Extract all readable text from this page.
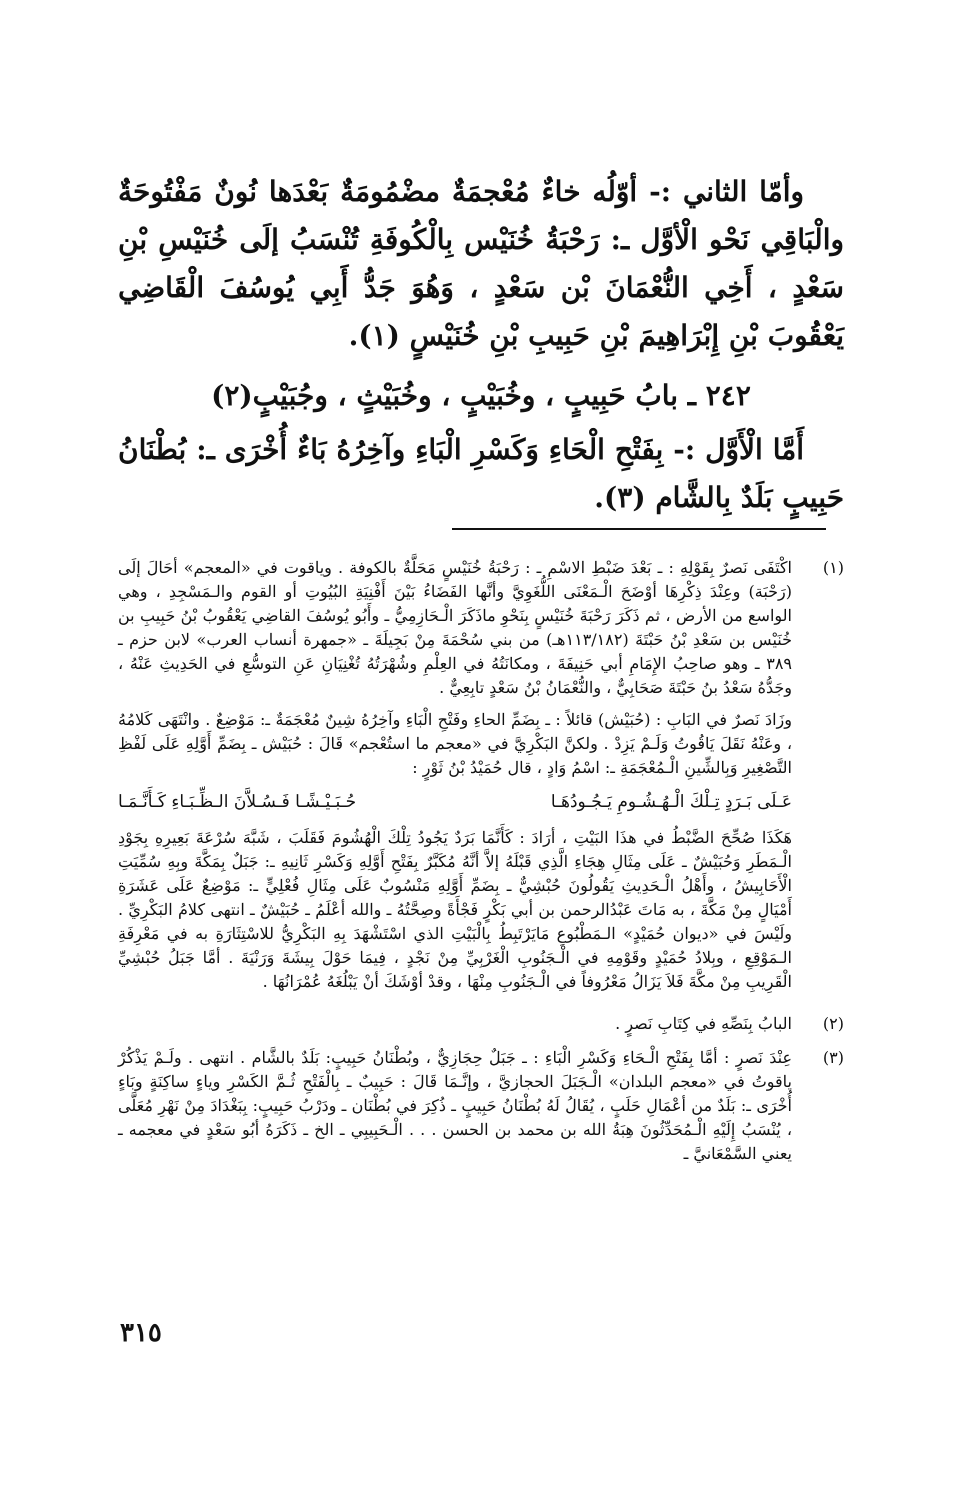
وأمّا الثاني :- أوّلُه خاءٌ مُعْجمَةٌ مضْمُومَةٌ بَعْدَها نُونٌ مَفْتُوحَةٌ والْبَاقِي نَحْو الْأوَّل ـ: رَحْبَةُ خُنَيْس بِالْكُوفَةِ تُنْسَبُ إلَى خُنَيْسِ بْنِ سَعْدٍ ، أَخِي النُّعْمَانَ بْن سَعْدٍ ، وَهُوَ جَدُّ أَبِي يُوسُفَ الْقَاضِي يَعْقُوبَ بْنِ إِبْرَاهِيمَ بْنِ حَبِيبِ بْنِ خُنَيْسٍ (١).

٢٤٢ ـ بابُ حَبِيبٍ ، وخُبَيْبٍ ، وخُبَيْثٍ ، وجُبَيْبٍ(٢)

أَمَّا الْأَوَّل :- بِفَتْحِ الْحَاءِ وَكَسْرِ الْبَاءِ وآخِرُهُ بَاءٌ أُخْرَى ـ: بُطْنَانُ حَبِيبٍ بَلَدٌ بِالشَّام (٣).

(١)

اكْتَفَى نَصرٌ بِقَوْلِهِ : ـ بَعْدَ ضَبْطِ الاسْمِ ـ : رَحْبَةُ خُنَيْسٍ مَحَلَّةٌ بالكوفة . وياقوت في «المعجم» أحَالَ إلَى (رَحْبَة) وعِنْدَ ذِكْرِهَا أوْضَحَ الْـمَعْنَى اللُّغَوِيَّ وأنَّها الفَضَاءُ بَيْنَ أَفْنِيَةِ البُيُوتِ أو القوم والـمَسْجِدِ ، وهي الواسع من الأرض ، ثم ذَكَرَ رَحْبَةَ خُنَيْسٍ بِنَحْوِ ماذَكَرَ الْـحَازِمِيُّ ـ وأَبُو يُوسُفَ القاضِي يَعْقُوبُ بْنُ حَبِيبِ بن خُنَيْس بن سَعْدِ بْنُ حَبْتَةَ (١١٣/١٨٢هـ) من بني سُحْمَةَ مِنْ بَجِيلَةَ ـ «جمهرة أنساب العرب» لابن حزم ـ ٣٨٩ ـ وهو صاحِبُ الإِمَامِ أبي حَنِيفَةَ ، ومكانَتُهُ في العِلْمِ وشُهْرَتُهُ تُغْنِيَانِ عَنِ التوسُّعِ في الحَدِيثِ عَنْهُ ، وجَدُّهُ سَعْدُ بنُ حَبْتَةَ صَحَابِيٌّ ، والنُّعْمَانُ بْنُ سَعْدٍ تابِعِيٌّ .

وزَادَ نَصرٌ في البَابِ : (حُبَيْش) قائلاً : ـ بِضَمِّ الحاءِ وفَتْحِ الْبَاءِ وآخِرُهُ شِينٌ مُعْجَمَةٌ ـ: مَوْضِعٌ . وانْتَهَى كَلامُهُ ، وعَنْهُ نَقَلَ يَاقُوتُ وَلَـمْ يَزِدْ . ولكنَّ البَكْرِيَّ في «معجم ما استُعْجم» قَالَ : حُبَيْش ـ بِضَمِّ أَوَّلِهِ عَلَى لَفْظِ التَّصْغِيرِ وَبِالشِّينِ الْـمُعْجَمَةِ ـ: اسْمُ وَادٍ ، قال حُمَيْدُ بْنُ ثَوْرٍ :

حُـبَـيْـشًـا فَـسُـلاَّنَ الـظِّـبَـاءِ كَـأَنَّـمَـا	عَـلَى بَـرَدٍ تِـلْكَ الْـهُـشُـومِ يَـجُـودُهَـا

هَكَذَا صُحِّحَ الضَّبْطُ في هذَا البَيْتِ ، أرَادَ : كَأَنَّمَا بَرَدٌ يَجُودُ تِلْكَ الْهُشُومَ فَقَلَبَ ، شَبَّهَ سُرْعَةَ بَعِيرِهِ بِجَوْدِ الْـمَطَرِ وَحُبَيْشٌ ـ عَلَى مِثَالِ هِجَاءِ الَّذِي قَبْلَهُ إلاَّ أنَّهُ مُكَبَّرٌ بِفَتْحِ أَوَّلِهِ وَكَسْرِ ثَانِيهِ ـ: جَبَلٌ بِمَكَّةَ وبِهِ سُمِّيَتِ الْأَحَابِيشُ ، وأَهْلُ الْـحَدِيثِ يَقُولُونَ حُبْشِيٌّ ـ بِضَمِّ أَوَّلِهِ مَنْسُوبٌ عَلَى مِثَالِ فُعْلِيٍّ ـ: مَوْضِعٌ عَلَى عَشَرَةِ أَمْيَالٍ مِنْ مَكَّةَ ، به مَاتَ عَبْدُالرحمن بن أبي بَكْرٍ فَجْأَةً وصِحَّتُهُ ـ والله أعْلَمُ ـ حُبَيْشٌ ـ انتهى كلامُ البَكْرِيِّ . ولَيْسَ في «ديوان حُمَيْدٍ» الـمَطْبُوعِ مَايَرْتَبِطُ بِالْبَيْتِ الذي اسْتَشْهَدَ بِهِ البَكْرِيُّ للاسْتِثَارَةِ به في مَعْرِفَةِ الـمَوْقِعِ ، وبِلادُ حُمَيْدٍ وقَوْمِهِ في الْـجَنُوبِ الْغَرْبِيِّ مِنْ نَجْدٍ ، فِيمَا حَوْلَ بِيشَةَ وَرَنْيَةَ . أمَّا جَبَلُ حُبْشِيِّ الْقَرِيبِ مِنْ مكَّةَ فَلاَ يَزَالُ مَعْرُوفاً في الْـجَنُوبِ مِنْهَا ، وقدْ أوْشَكَ أنْ يَبْلُغَهُ عُمْرَانُهَا .

(٢)

البابُ بِنَصِّهِ في كِتَابِ نَصرٍ .

(٣)

عِنْدَ نَصرٍ : أمَّا بِفَتْحِ الْـحَاءِ وَكَسْرِ الْبَاءِ : ـ جَبَلٌ حِجَازِيٌّ ، وبُطْنَانُ حَبِيبٍ: بَلَدٌ بالشَّام . انتهى . ولَـمْ يَذْكُرْ ياقوتُ في «معجم البلدان» الْـجَبَلَ الحجازيَّ ، وإنَّـمَا قَالَ : حَبِيبٌ ـ بِالْفَتْحِ ثُـمَّ الكَسْرِ وياءٍ ساكِنَةٍ وبَاءٍ أُخْرَى ـ: بَلَدٌ من أعْمَالِ حَلَبٍ ، يُقَالُ لَهُ بُطْنَانُ حَبِيبٍ ـ ذُكِرَ في بُطْنَان ـ ودَرْبُ حَبِيبٍ: بِبَغْدَادَ مِنْ نَهْرِ مُعَلَّى ، يُنْسَبُ إِلَيْهِ الْـمُحَدِّثُونَ هِبَةُ الله بن محمد بن الحسن . . . الْـحَبِيبِي ـ الخ ـ ذَكَرَهُ أبُو سَعْدٍ في معجمه ـ يعني السَّمْعَانيَّ ـ

٣١٥
